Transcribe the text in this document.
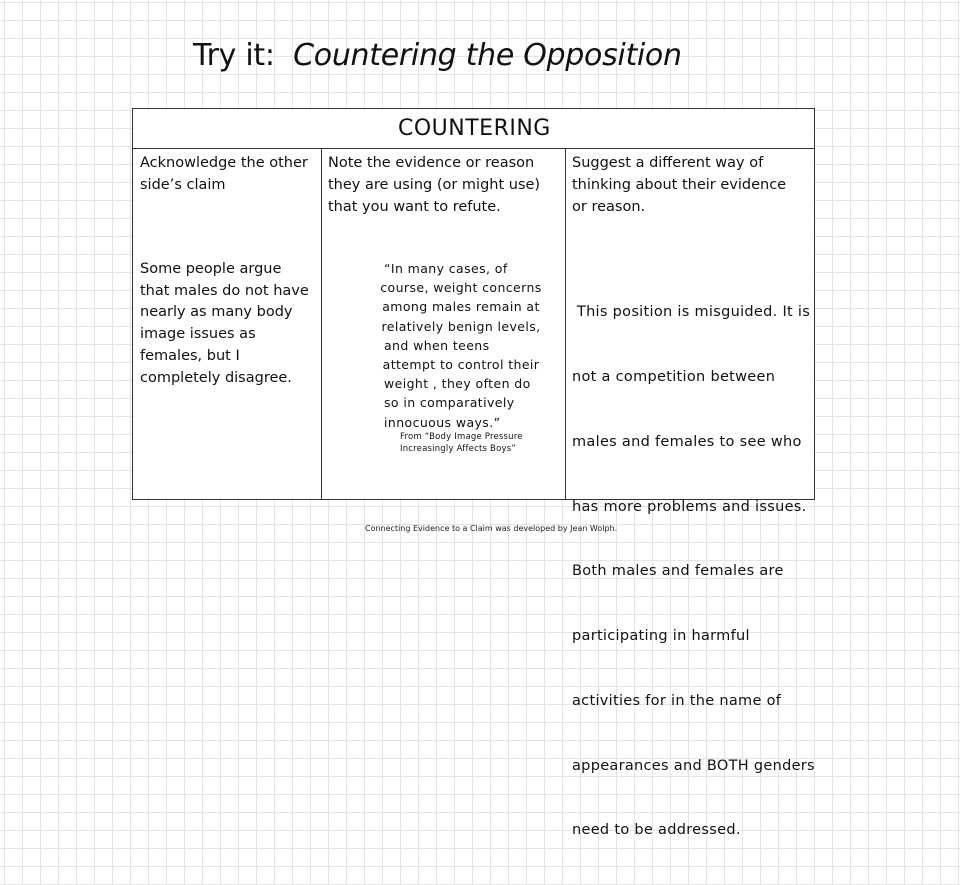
Try it: Countering the Opposition
COUNTERING
Acknowledge the other
side’s claim
Note the evidence or reason
they are using (or might use)
that you want to refute.
Suggest a different way of
thinking about their evidence
or reason.
Some people argue
that males do not have
nearly as many body
image issues as
females, but I
completely disagree.
“In many cases, of
course, weight concerns
among males remain at
relatively benign levels,
and when teens
attempt to control their
weight , they often do
so in comparatively
innocuous ways.”
From “Body Image Pressure
Increasingly Affects Boys”

This position is misguided. It is

not a competition between

males and females to see who

has more problems and issues.

Both males and females are

participating in harmful

activities for in the name of

appearances and BOTH genders

need to be addressed.

Connecting Evidence to a Claim was developed by Jean Wolph.
